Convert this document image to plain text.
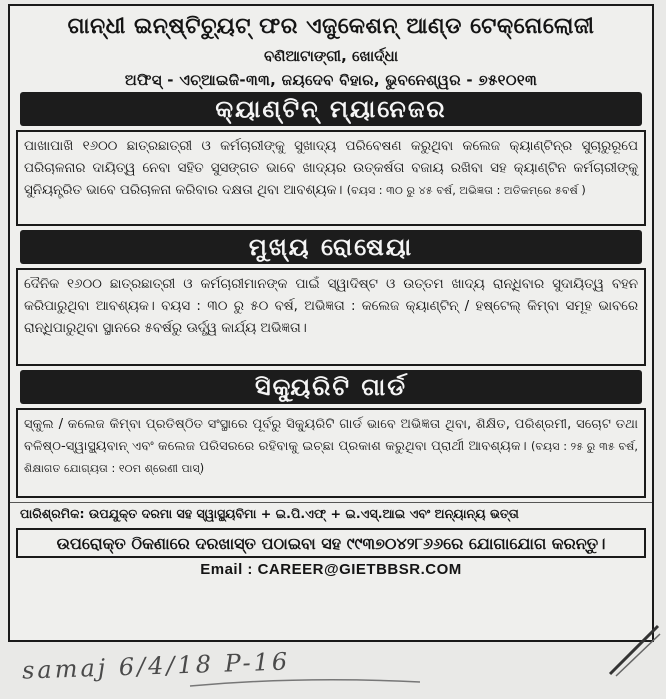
ଗାନ୍ଧୀ ଇନ୍‌ଷ୍ଟିଚ୍ୟୁଟ୍ ଫର ଏଜୁକେଶନ୍ ଆଣ୍ଡ ଟେକ୍ନୋଲୋଜୀ
ବଣିଆଟାଙ୍ଗୀ, ଖୋର୍ଦ୍ଧା
ଅଫିସ୍ - ଏଚ୍‌ଆଇଜି-୩୩, ଜୟଦେବ ବିହାର, ଭୁବନେଶ୍ୱର - ୭୫୧୦୧୩
କ୍ୟାଣ୍ଟିନ୍ ମ୍ୟାନେଜର
ପାଖାପାଖି ୧୬୦୦ ଛାତ୍ରଛାତ୍ରୀ ଓ କର୍ମଚାରୀଙ୍କୁ ସୁଖାଦ୍ୟ ପରିବେଷଣ କରୁଥିବା କଲେଜ କ୍ୟାଣ୍ଟିନ୍‌ର ସୁଚାରୁରୂପେ ପରିଚାଳନାର ଦାୟିତ୍ୱ ନେବା ସହିତ ସୁସଙ୍ଗତ ଭାବେ ଖାଦ୍ୟର ଉତ୍କର୍ଷତା ବଜାୟ ରଖିବା ସହ କ୍ୟାଣ୍ଟିନ କର୍ମଚାରୀଙ୍କୁ ସୁନିୟନ୍ତ୍ରିତ ଭାବେ ପରିଚାଳନା କରିବାର ଦକ୍ଷତା ଥିବା ଆବଶ୍ୟକ। (ବୟସ : ୩୦ ରୁ ୪୫ ବର୍ଷ, ଅଭିଜ୍ଞତା : ଅତିକମ୍‌ରେ ୫ବର୍ଷ )
ମୁଖ୍ୟ ରୋଷେୟା
ଦୈନିକ ୧୬୦୦ ଛାତ୍ରଛାତ୍ରୀ ଓ କର୍ମଚାରୀମାନଙ୍କ ପାଇଁ ସ୍ୱାଦିଷ୍ଟ ଓ ଉତ୍ତମ ଖାଦ୍ୟ ରାନ୍ଧିବାର ସୁଦାୟିତ୍ୱ ବହନ କରିପାରୁଥିବା ଆବଶ୍ୟକ। ବୟସ : ୩୦ ରୁ ୫୦ ବର୍ଷ, ଅଭିଜ୍ଞତା : କଲେଜ କ୍ୟାଣ୍ଟିନ୍ / ହଷ୍ଟେଲ୍ କିମ୍ବା ସମୂହ ଭାବରେ ରାନ୍ଧିପାରୁଥିବା ସ୍ଥାନରେ ୫ବର୍ଷରୁ ଊର୍ଦ୍ଧ୍ୱ କାର୍ଯ୍ୟ ଅଭିଜ୍ଞତା।
ସିକ୍ୟୁରିଟି ଗାର୍ଡ
ସ୍କୁଲ / କଲେଜ କିମ୍ବା ପ୍ରତିଷ୍ଠିତ ସଂସ୍ଥାରେ ପୂର୍ବରୁ ସିକ୍ୟୁରିଟି ଗାର୍ଡ ଭାବେ ଅଭିଜ୍ଞତା ଥିବା, ଶିକ୍ଷିତ, ପରିଶ୍ରମୀ, ସଚୋଟ ତଥା ବଳିଷ୍ଠ-ସ୍ୱାସ୍ଥ୍ୟବାନ୍ ଏବଂ କଲେଜ ପରିସରରେ ରହିବାକୁ ଇଚ୍ଛା ପ୍ରକାଶ କରୁଥିବା ପ୍ରାର୍ଥୀ ଆବଶ୍ୟକ। (ବୟସ : ୨୫ ରୁ ୩୫ ବର୍ଷ, ଶିକ୍ଷାଗତ ଯୋଗ୍ୟତା : ୧୦ମ ଶ୍ରେଣୀ ପାସ୍)
ପାରିଶ୍ରମିକ: ଉପଯୁକ୍ତ ଦରମା ସହ ସ୍ୱାସ୍ଥ୍ୟବିମା + ଇ.ପି.ଏଫ୍ + ଇ.ଏସ୍.ଆଇ ଏବଂ ଅନ୍ୟାନ୍ୟ ଭତ୍ତା
ଉପରୋକ୍ତ ଠିକଣାରେ ଦରଖାସ୍ତ ପଠାଇବା ସହ ୯୯୩୭୦୪୨୮୬୬ରେ ଯୋଗାଯୋଗ କରନ୍ତୁ।
Email : CAREER@GIETBBSR.COM
samaj 6/4/18 P-16
